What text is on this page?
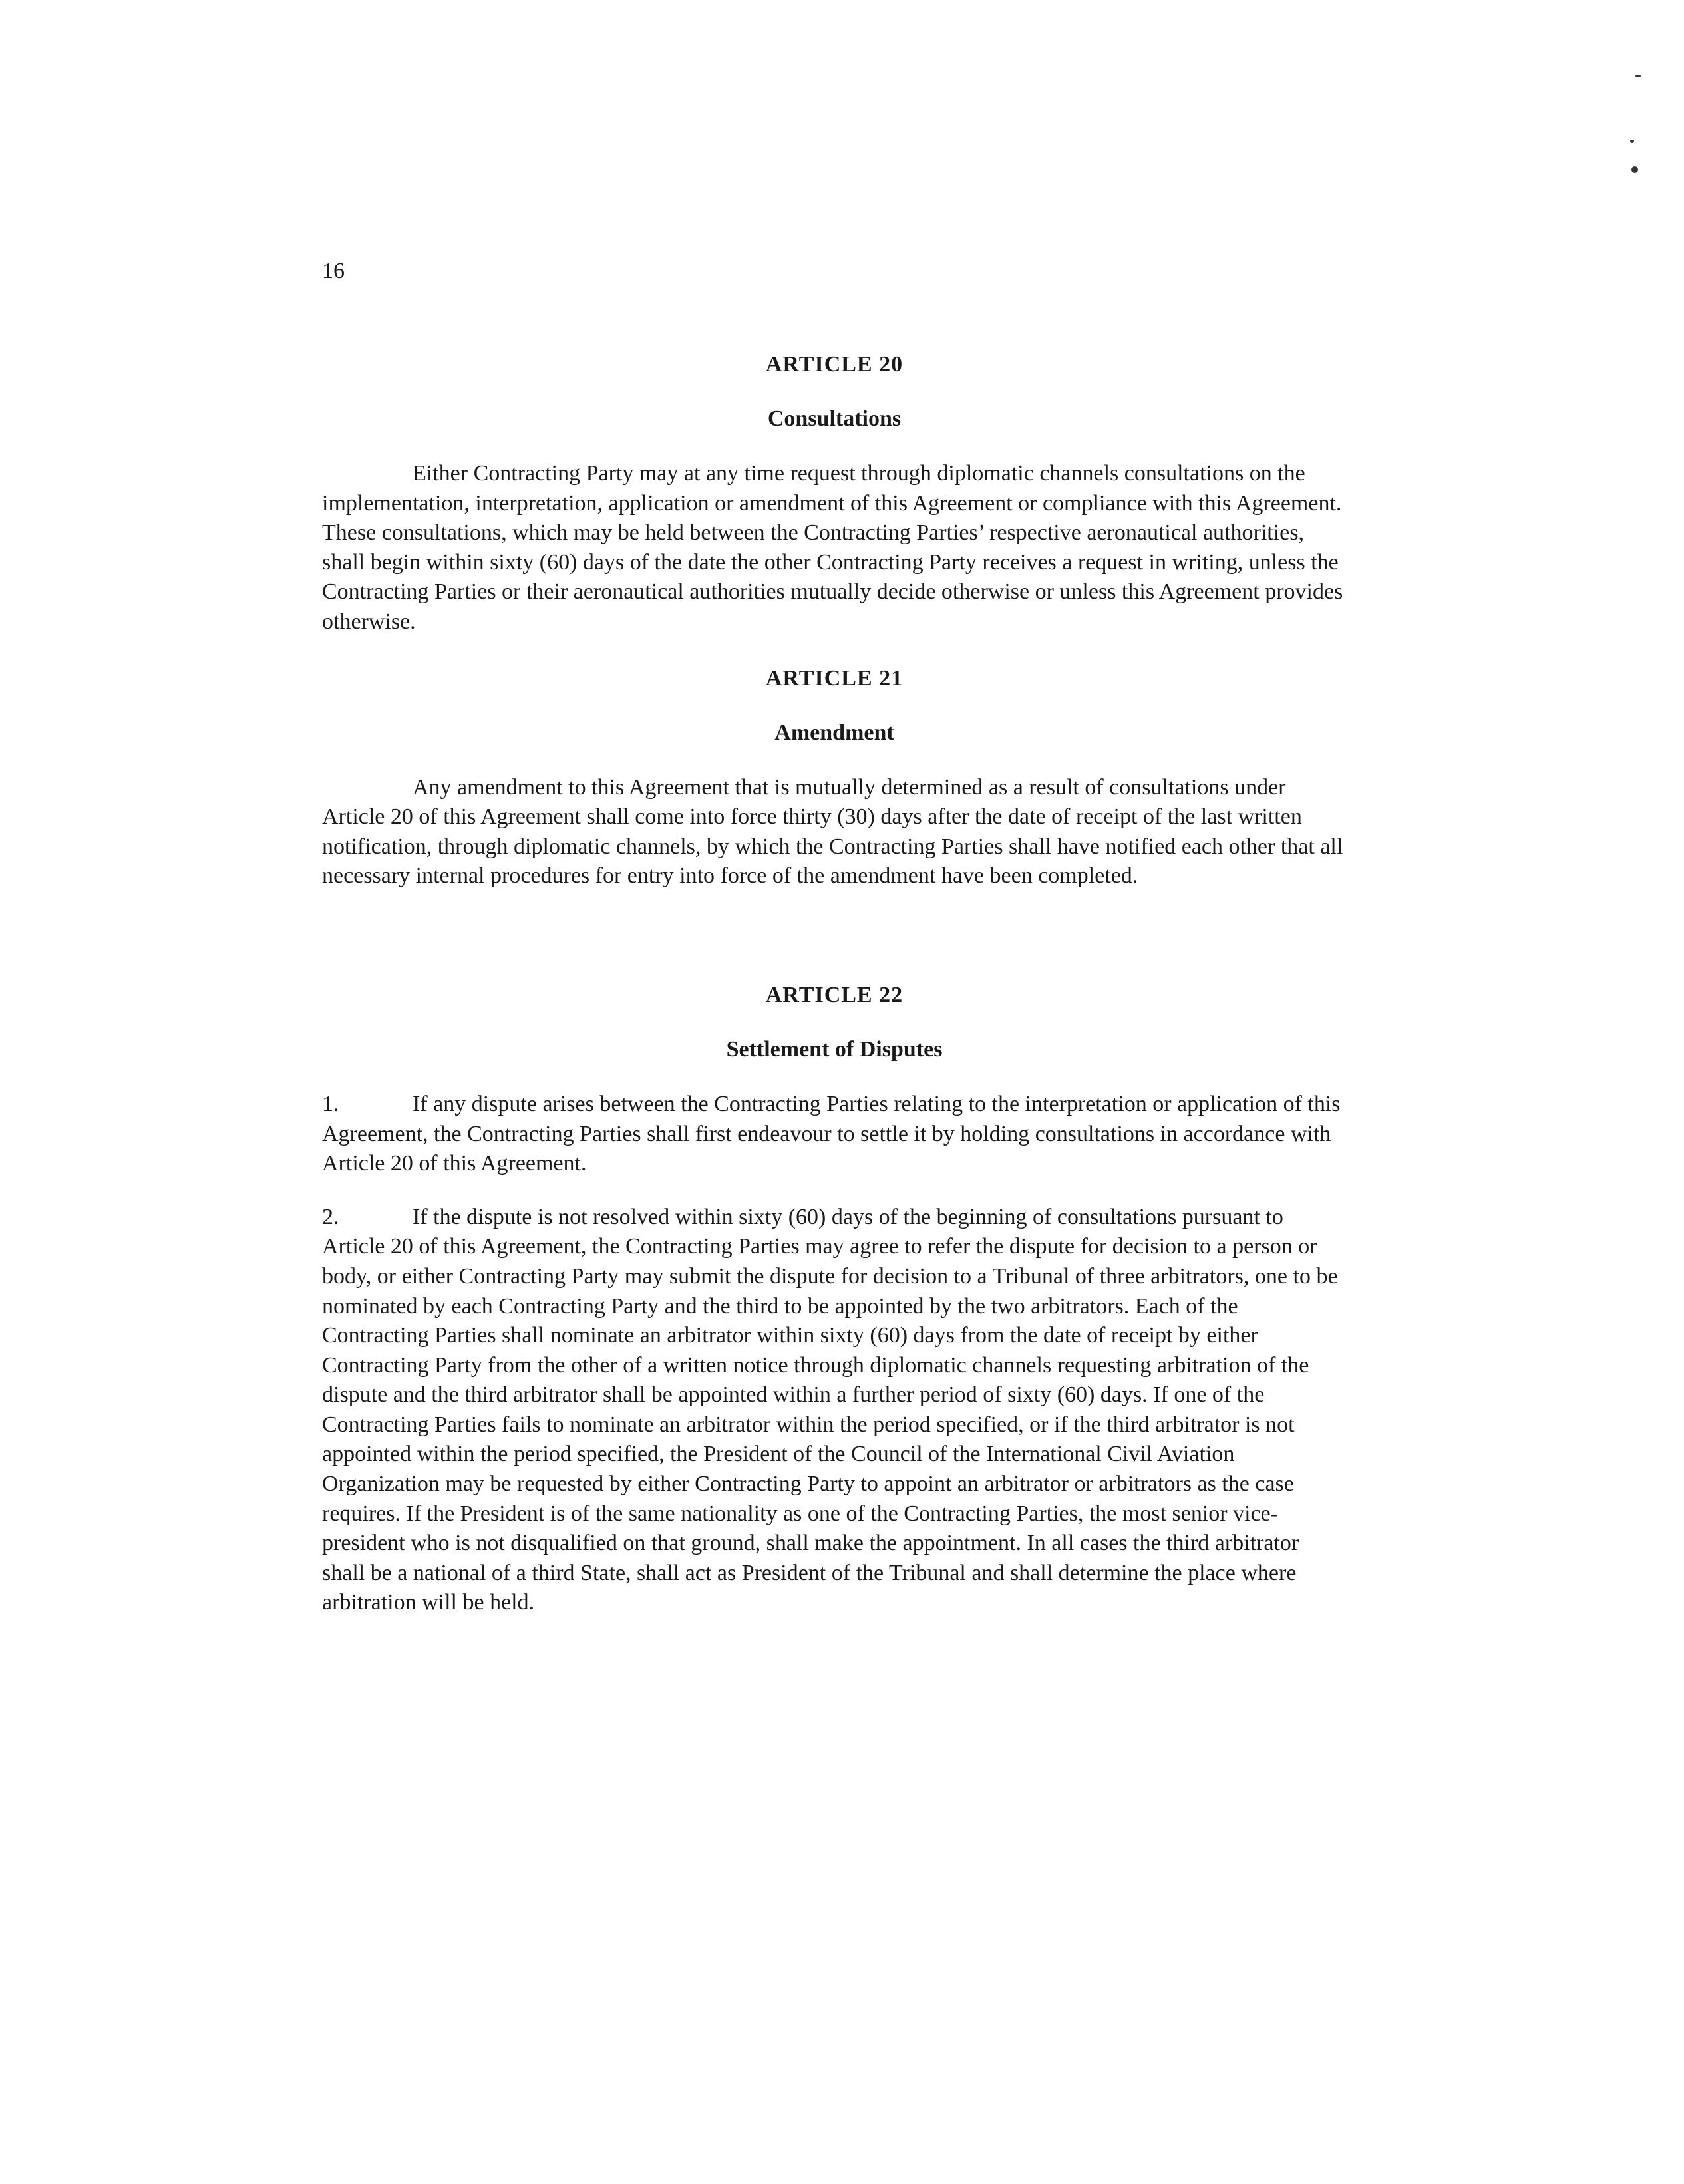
16

ARTICLE 20
Consultations

Either Contracting Party may at any time request through diplomatic channels consultations on the implementation, interpretation, application or amendment of this Agreement or compliance with this Agreement. These consultations, which may be held between the Contracting Parties’ respective aeronautical authorities, shall begin within sixty (60) days of the date the other Contracting Party receives a request in writing, unless the Contracting Parties or their aeronautical authorities mutually decide otherwise or unless this Agreement provides otherwise.

ARTICLE 21
Amendment

Any amendment to this Agreement that is mutually determined as a result of consultations under Article 20 of this Agreement shall come into force thirty (30) days after the date of receipt of the last written notification, through diplomatic channels, by which the Contracting Parties shall have notified each other that all necessary internal procedures for entry into force of the amendment have been completed.

ARTICLE 22
Settlement of Disputes

1.	If any dispute arises between the Contracting Parties relating to the interpretation or application of this Agreement, the Contracting Parties shall first endeavour to settle it by holding consultations in accordance with Article 20 of this Agreement.

2.	If the dispute is not resolved within sixty (60) days of the beginning of consultations pursuant to Article 20 of this Agreement, the Contracting Parties may agree to refer the dispute for decision to a person or body, or either Contracting Party may submit the dispute for decision to a Tribunal of three arbitrators, one to be nominated by each Contracting Party and the third to be appointed by the two arbitrators. Each of the Contracting Parties shall nominate an arbitrator within sixty (60) days from the date of receipt by either Contracting Party from the other of a written notice through diplomatic channels requesting arbitration of the dispute and the third arbitrator shall be appointed within a further period of sixty (60) days. If one of the Contracting Parties fails to nominate an arbitrator within the period specified, or if the third arbitrator is not appointed within the period specified, the President of the Council of the International Civil Aviation Organization may be requested by either Contracting Party to appoint an arbitrator or arbitrators as the case requires. If the President is of the same nationality as one of the Contracting Parties, the most senior vice-president who is not disqualified on that ground, shall make the appointment. In all cases the third arbitrator shall be a national of a third State, shall act as President of the Tribunal and shall determine the place where arbitration will be held.
